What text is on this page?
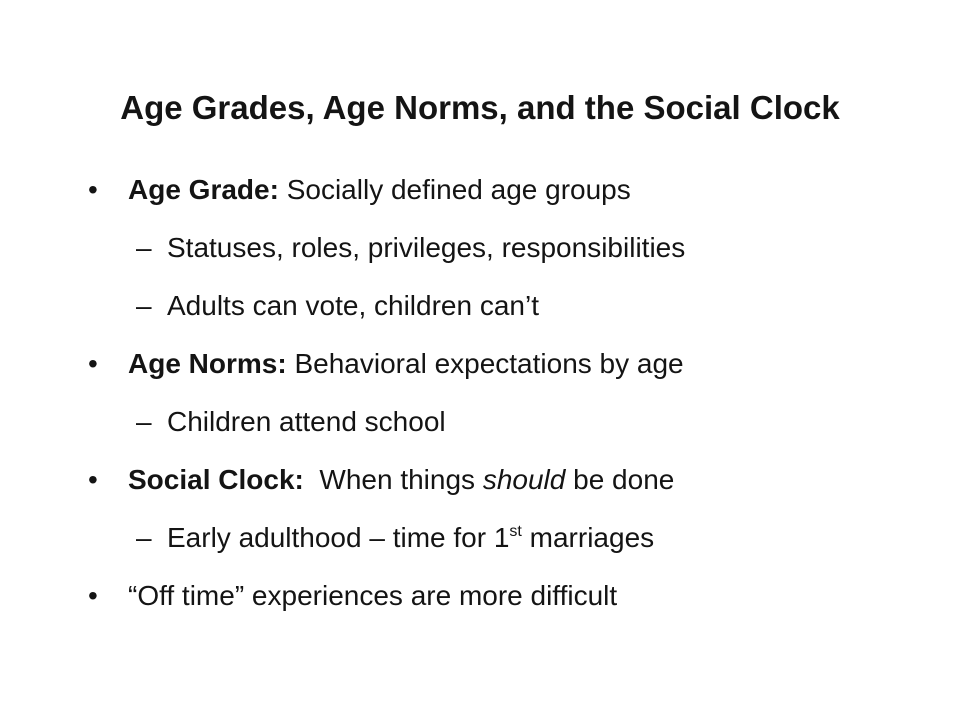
Age Grades, Age Norms, and the Social Clock
•	Age Grade: Socially defined age groups
– Statuses, roles, privileges, responsibilities
– Adults can vote, children can’t
•	Age Norms: Behavioral expectations by age
– Children attend school
•	Social Clock:  When things should be done
– Early adulthood – time for 1st marriages
•	“Off time” experiences are more difficult
